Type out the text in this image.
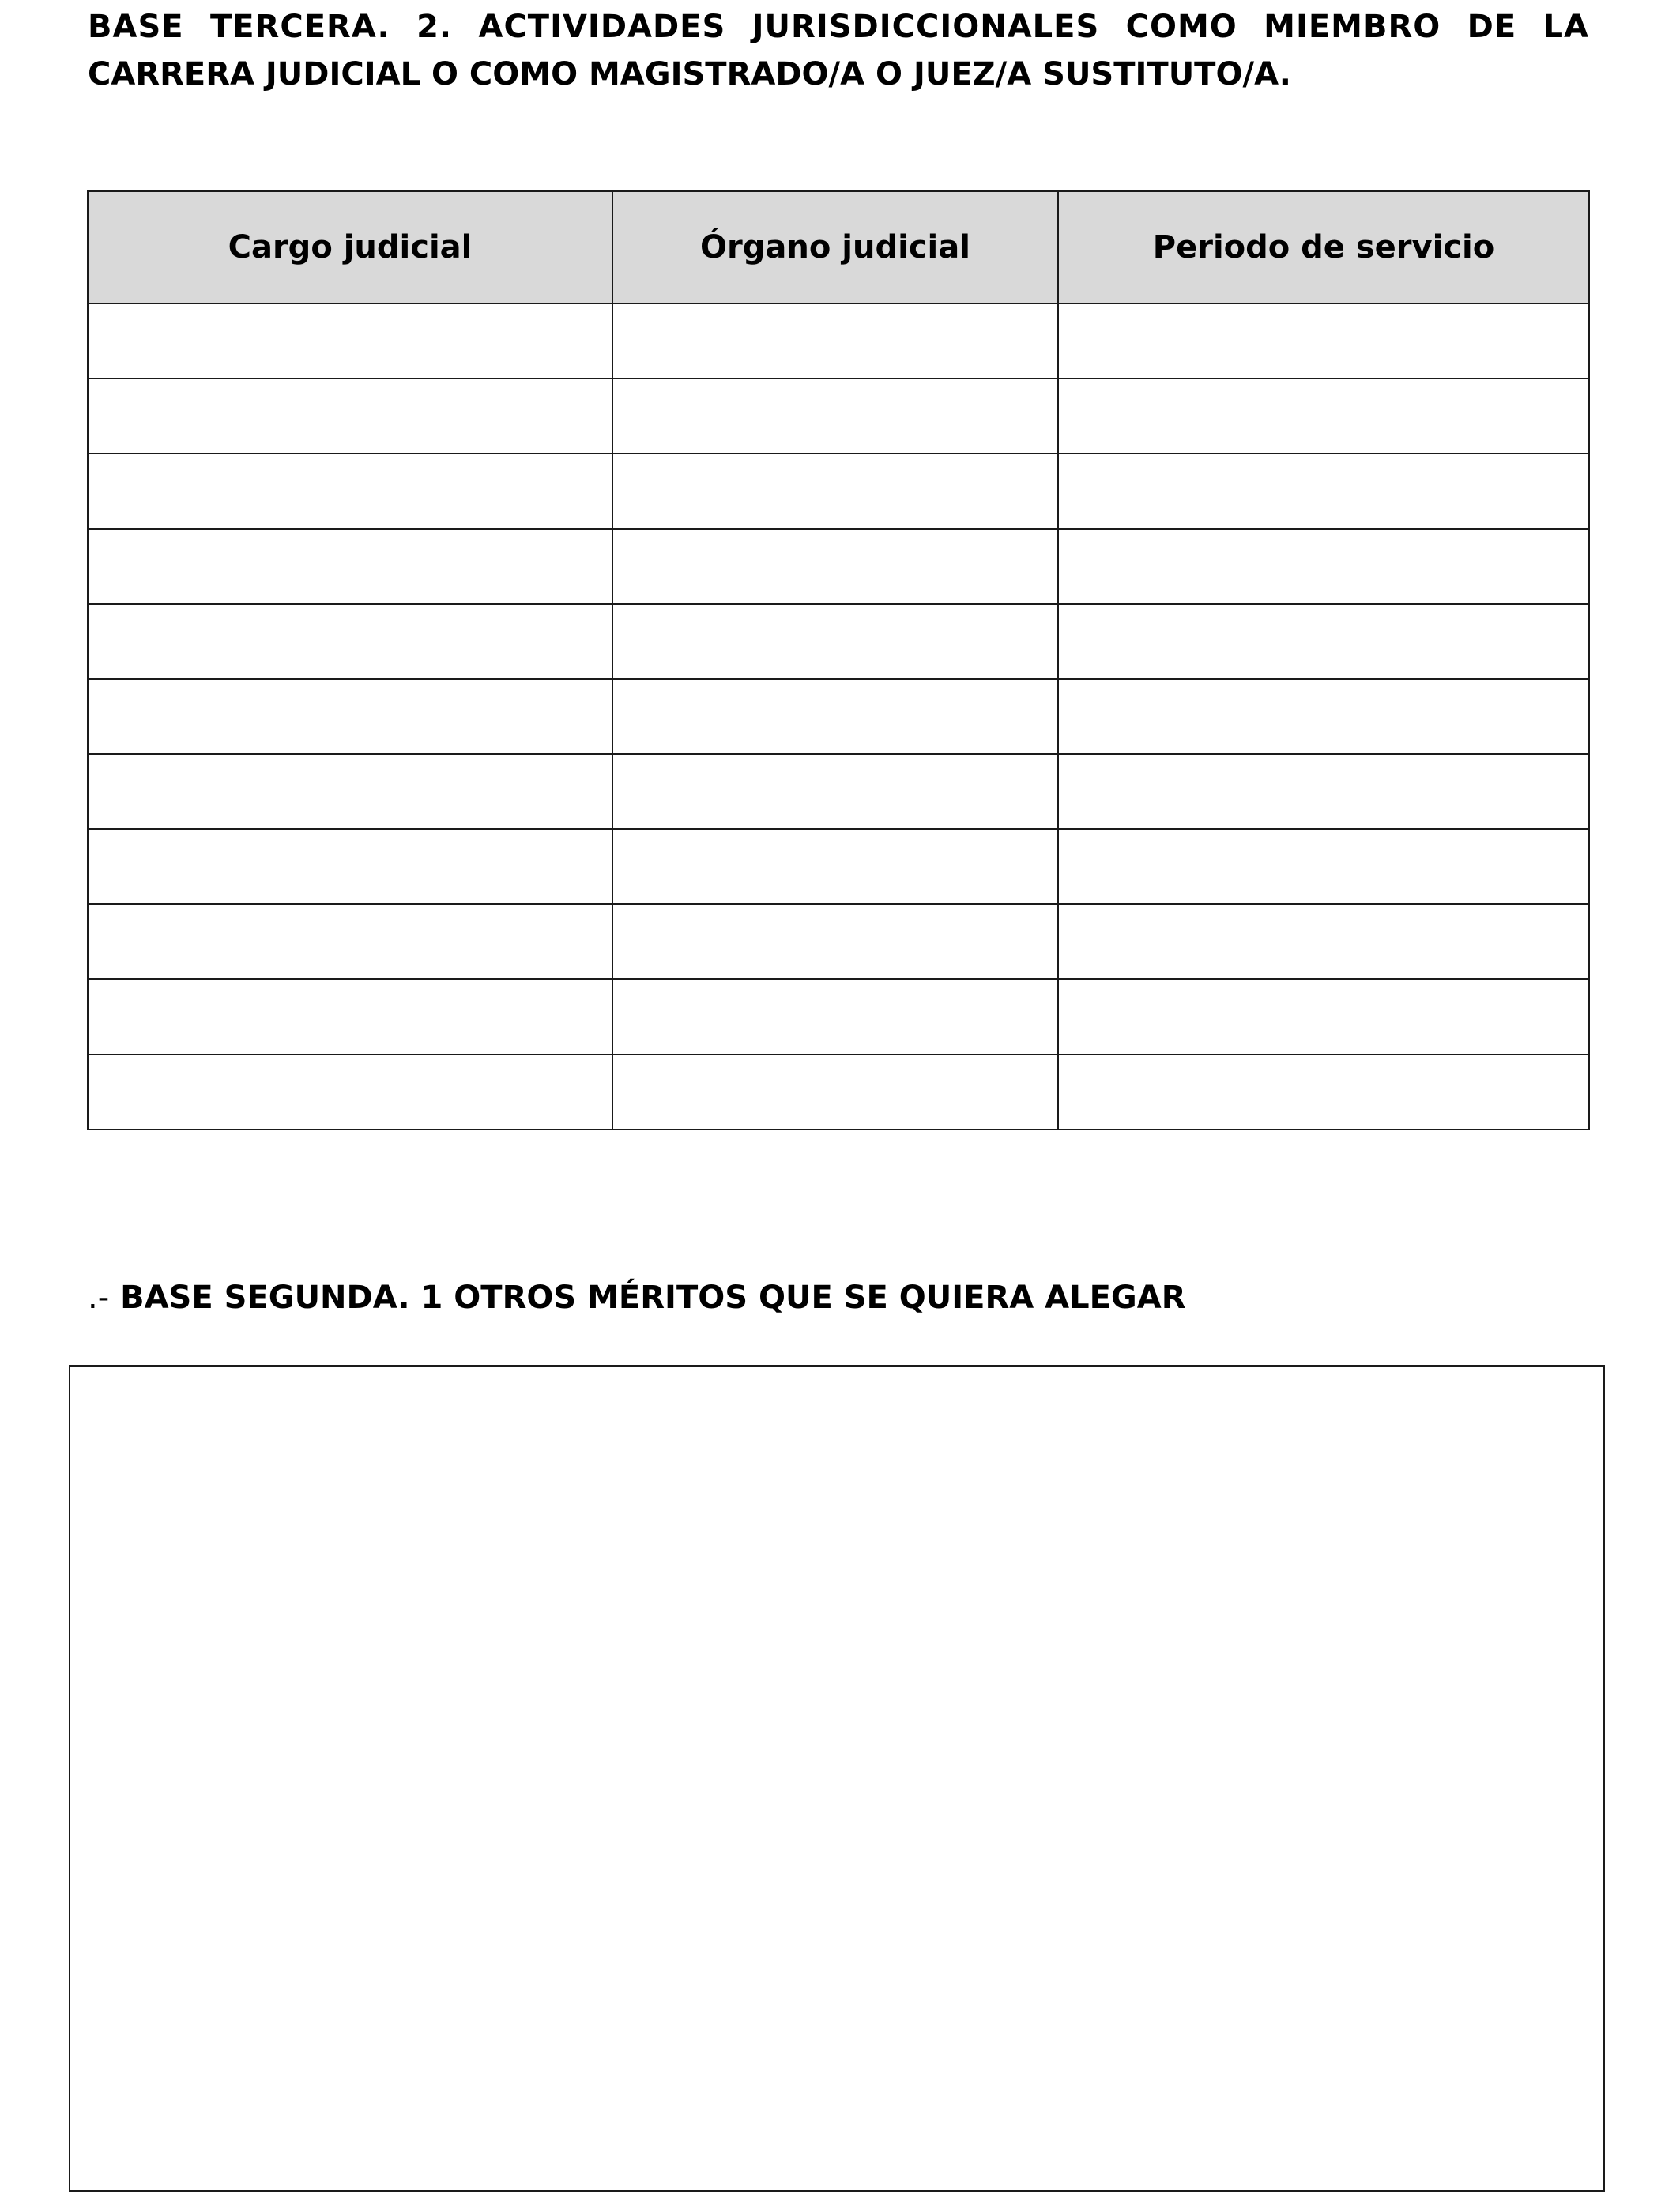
BASE TERCERA. 2. ACTIVIDADES JURISDICCIONALES COMO MIEMBRO DE LA
CARRERA JUDICIAL O COMO MAGISTRADO/A O JUEZ/A SUSTITUTO/A.
Cargo judicial	Órgano judicial	Periodo de servicio

.- BASE SEGUNDA. 1 OTROS MÉRITOS QUE SE QUIERA ALEGAR
